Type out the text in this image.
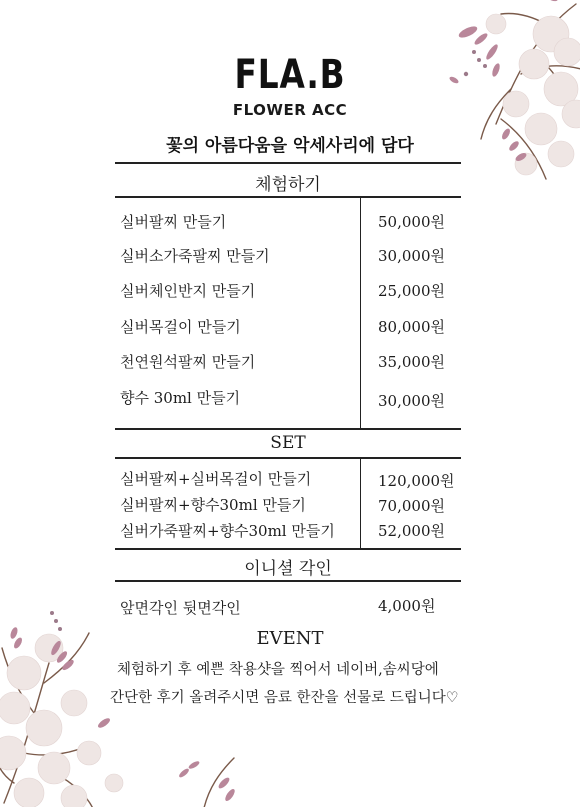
FLA.B
FLOWER ACC
꽃의 아름다움을 악세사리에 담다
체험하기
실버팔찌 만들기	50,000원
실버소가죽팔찌 만들기	30,000원
실버체인반지 만들기	25,000원
실버목걸이 만들기	80,000원
천연원석팔찌 만들기	35,000원
향수 30ml 만들기	30,000원
SET
실버팔찌+실버목걸이 만들기	120,000원
실버팔찌+향수30ml 만들기	70,000원
실버가죽팔찌+향수30ml 만들기	52,000원
이니셜 각인
앞면각인 뒷면각인	4,000원
EVENT
체험하기 후 예쁜 착용샷을 찍어서 네이버,솜씨당에
간단한 후기 올려주시면 음료 한잔을 선물로 드립니다♡
